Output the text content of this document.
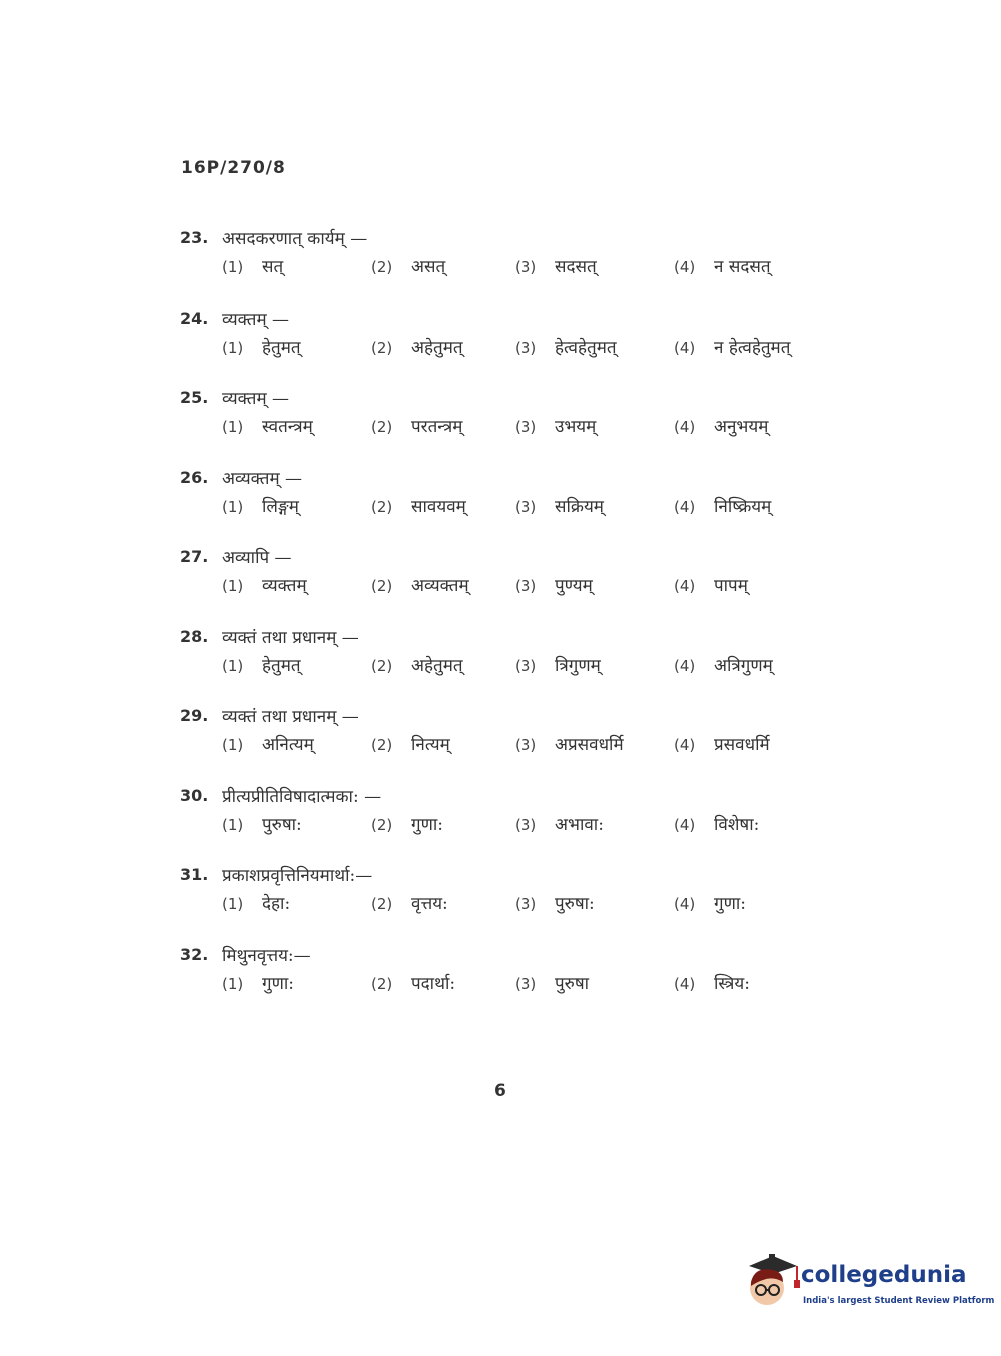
16P/270/8
23. असदकरणात् कार्यम् —
(1) सत्	(2) असत्	(3) सदसत्	(4) न सदसत्
24. व्यक्तम् —
(1) हेतुमत्	(2) अहेतुमत्	(3) हेत्वहेतुमत्	(4) न हेत्वहेतुमत्
25. व्यक्तम् —
(1) स्वतन्त्रम्	(2) परतन्त्रम्	(3) उभयम्	(4) अनुभयम्
26. अव्यक्तम् —
(1) लिङ्गम्	(2) सावयवम्	(3) सक्रियम्	(4) निष्क्रियम्
27. अव्यापि —
(1) व्यक्तम्	(2) अव्यक्तम्	(3) पुण्यम्	(4) पापम्
28. व्यक्तं तथा प्रधानम् —
(1) हेतुमत्	(2) अहेतुमत्	(3) त्रिगुणम्	(4) अत्रिगुणम्
29. व्यक्तं तथा प्रधानम् —
(1) अनित्यम्	(2) नित्यम्	(3) अप्रसवधर्मि	(4) प्रसवधर्मि
30. प्रीत्यप्रीतिविषादात्मका: —
(1) पुरुषा:	(2) गुणा:	(3) अभावा:	(4) विशेषा:
31. प्रकाशप्रवृत्तिनियमार्था:—
(1) देहा:	(2) वृत्तय:	(3) पुरुषा:	(4) गुणा:
32. मिथुनवृत्तय:—
(1) गुणा:	(2) पदार्था:	(3) पुरुषा	(4) स्त्रिय:
6
collegedunia
India's largest Student Review Platform
